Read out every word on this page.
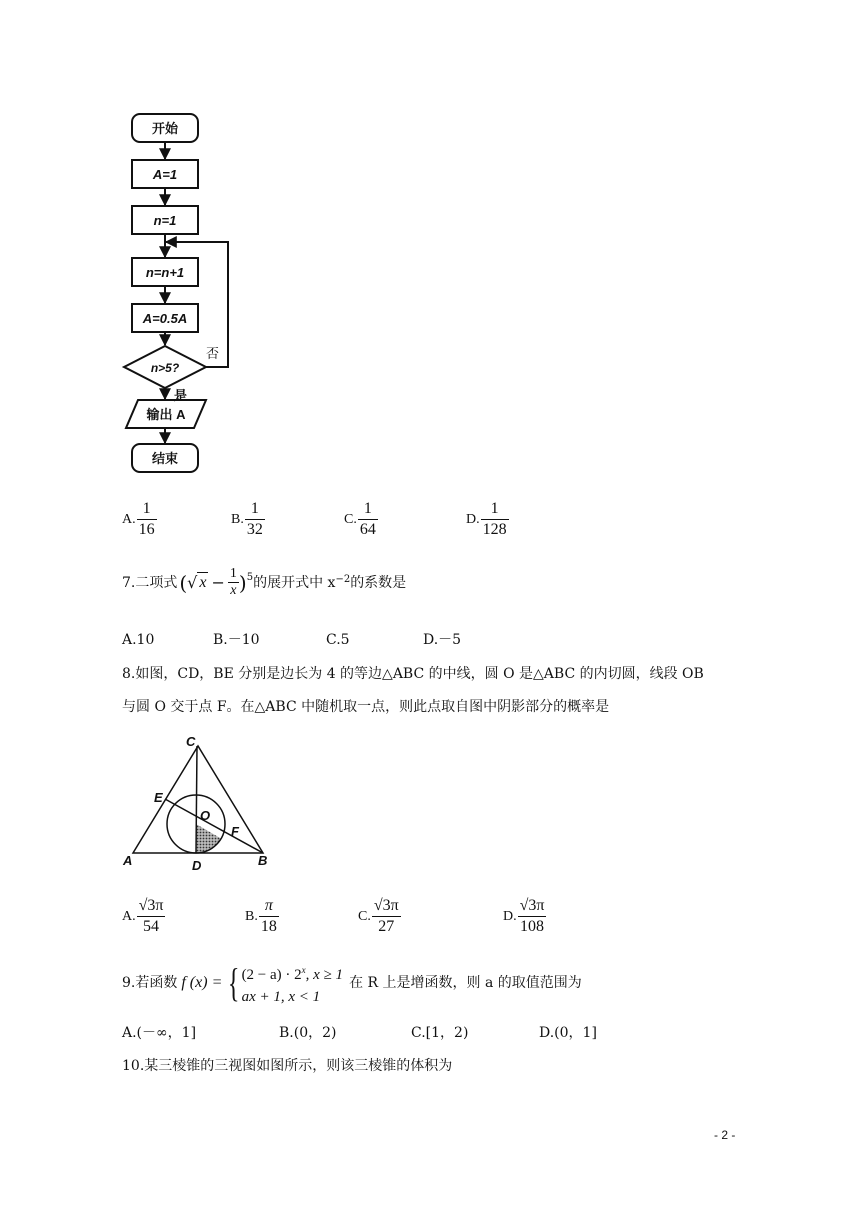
开始
A=1
n=1
n=n+1
A=0.5A
n>5?
输出 A
结束
否
是
A.
1
16
B.
1
32
C.
1
64
D.
1
128
7.二项式 ( √ x − 1
x )$^5$ 的展开式中 x −2 的系数是
A.10	B.－10	C.5	D.－5
8.如图，CD，BE 分别是边长为 4 的等边△ABC 的中线，圆 O 是△ABC 的内切圆，线段 OB
与圆 O 交于点 F。在△ABC 中随机取一点，则此点取自图中阴影部分的概率是
C
E
O
F
A	D	B
A.
√3π
54
B.
π
18
C.
√3π
27
D.
√3π
108
9.若函数 f (x) = { $(2 - a) \cdot 2^x$, x ≥ 1
ax + 1, x < 1
在 R 上是增函数，则 a 的取值范围为
A.(－∞，1]	B.(0，2)	C.[1，2)	D.(0，1]
10.某三棱锥的三视图如图所示，则该三棱锥的体积为
- 2 -
